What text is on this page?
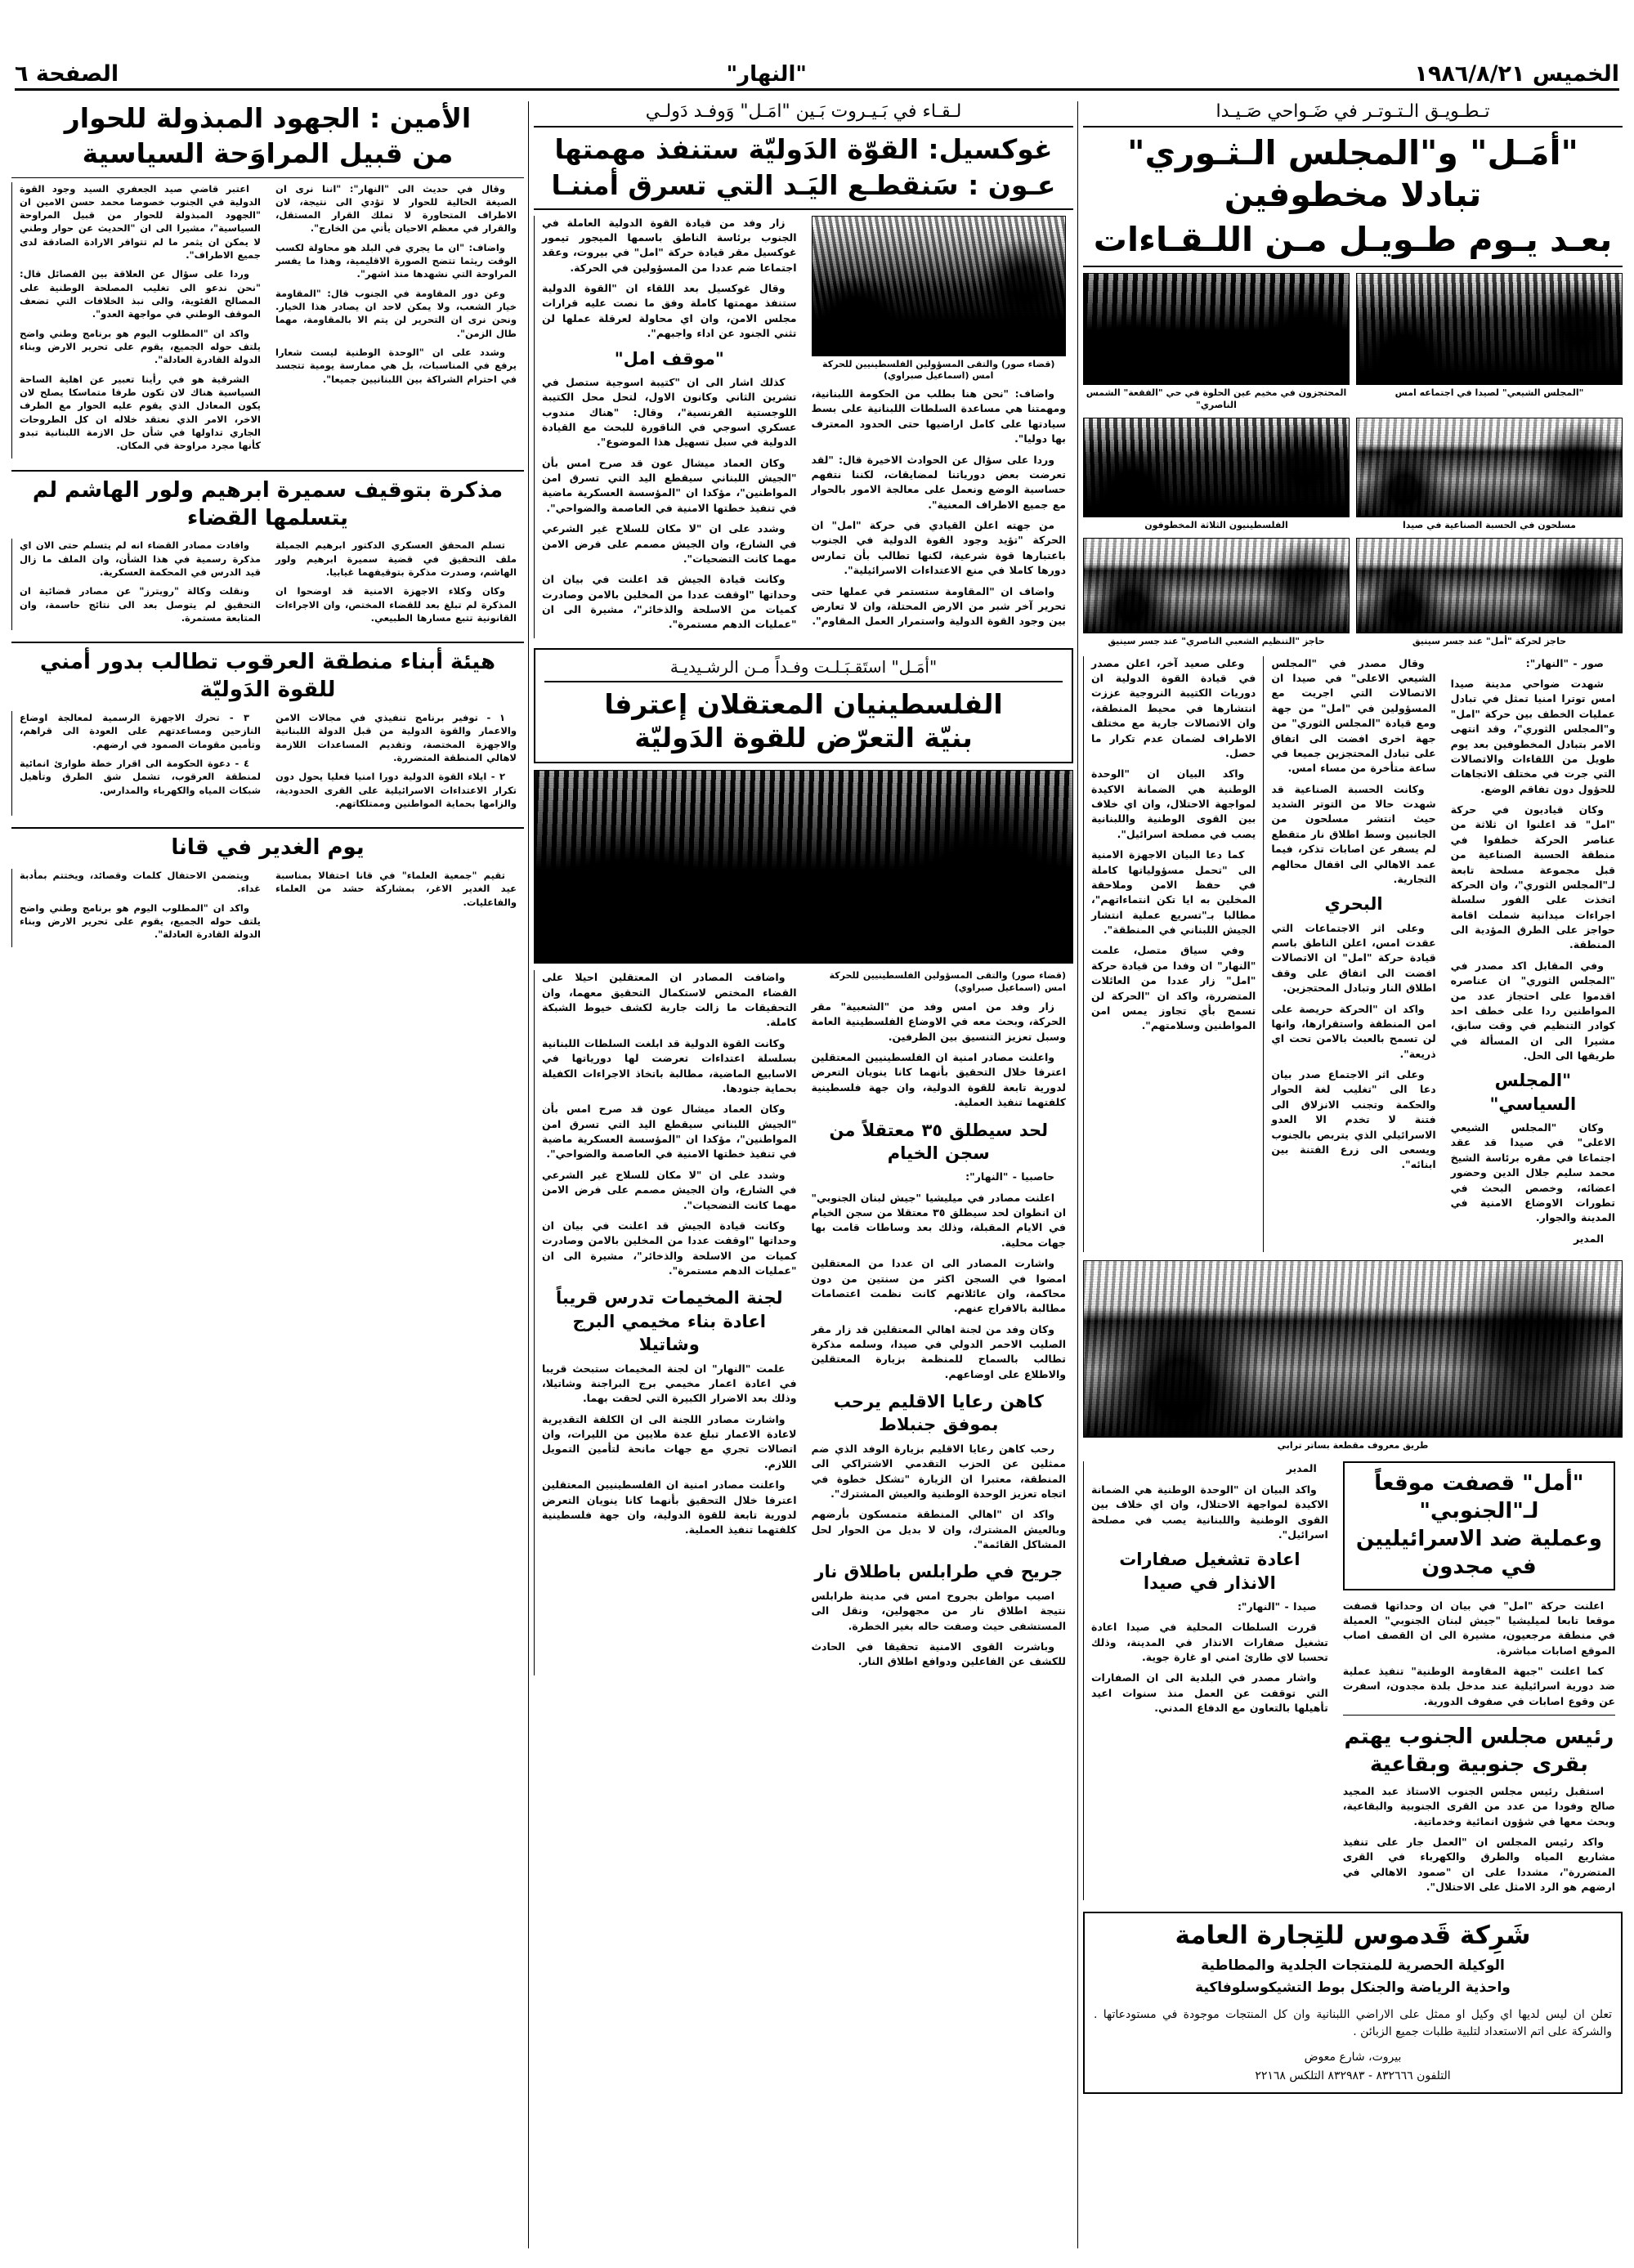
الخميس ١٩٨٦/٨/٢١
"النهار"
الصفحة ٦
تـطـويـق الـتـوتـر في ضَـواحي صَـيـدا
"أمَـل" و"المجلس الـثـوري" تبادلا مخطوفين
بعـد يـوم طـويـل مـن اللـقـاءات
"المجلس الشيعي" لصيدا في اجتماعه امس
المحتجزون في مخيم عين الحلوة في حي "الفقعة" الشمس الناصري"
مسلحون في الحسبة الصناعية في صيدا
الفلسطينيون الثلاثة المخطوفون
حاجز لحركة "أمل" عند جسر سينيق
حاجز "التنظيم الشعبي الناصري" عند جسر سينيق

صور - "النهار":

شهدت ضواحي مدينة صيدا امس توترا امنيا تمثل في تبادل عمليات الخطف بين حركة "امل" و"المجلس الثوري"، وقد انتهى الامر بتبادل المخطوفين بعد يوم طويل من اللقاءات والاتصالات التي جرت في مختلف الاتجاهات للحؤول دون تفاقم الوضع.

وكان قياديون في حركة "امل" قد اعلنوا ان ثلاثة من عناصر الحركة خطفوا في منطقة الحسبة الصناعية من قبل مجموعة مسلحة تابعة لـ"المجلس الثوري"، وان الحركة اتخذت على الفور سلسلة اجراءات ميدانية شملت اقامة حواجز على الطرق المؤدية الى المنطقة.

وفي المقابل اكد مصدر في "المجلس الثوري" ان عناصره اقدموا على احتجاز عدد من المواطنين ردا على خطف احد كوادر التنظيم في وقت سابق، مشيرا الى ان المسألة في طريقها الى الحل.

"المجلس السياسي"

وكان "المجلس الشيعي الاعلى" في صيدا قد عقد اجتماعا في مقره برئاسة الشيخ محمد سليم جلال الدين وحضور اعضائه، وخصص البحث في تطورات الاوضاع الامنية في المدينة والجوار.

المدير

وقال مصدر في "المجلس الشيعي الاعلى" في صيدا ان الاتصالات التي اجريت مع المسؤولين في "امل" من جهة ومع قيادة "المجلس الثوري" من جهة اخرى افضت الى اتفاق على تبادل المحتجزين جميعا في ساعة متأخرة من مساء امس.

وكانت الحسبة الصناعية قد شهدت حالا من التوتر الشديد حيث انتشر مسلحون من الجانبين وسط اطلاق نار متقطع لم يسفر عن اصابات تذكر، فيما عمد الاهالي الى اقفال محالهم التجارية.

البحري

وعلى اثر الاجتماعات التي عقدت امس، اعلن الناطق باسم قيادة حركة "امل" ان الاتصالات افضت الى اتفاق على وقف اطلاق النار وتبادل المحتجزين.

واكد ان "الحركة حريصة على امن المنطقة واستقرارها، وانها لن تسمح بالعبث بالامن تحت اي ذريعة".

وعلى اثر الاجتماع صدر بيان دعا الى "تغليب لغة الحوار والحكمة وتجنب الانزلاق الى فتنة لا تخدم الا العدو الاسرائيلي الذي يتربص بالجنوب ويسعى الى زرع الفتنة بين ابنائه".

وعلى صعيد آخر، اعلن مصدر في قيادة القوة الدولية ان دوريات الكتيبة النروجية عززت انتشارها في محيط المنطقة، وان الاتصالات جارية مع مختلف الاطراف لضمان عدم تكرار ما حصل.

واكد البيان ان "الوحدة الوطنية هي الضمانة الاكيدة لمواجهة الاحتلال، وان اي خلاف بين القوى الوطنية واللبنانية يصب في مصلحة اسرائيل".

كما دعا البيان الاجهزة الامنية الى "تحمل مسؤولياتها كاملة في حفظ الامن وملاحقة المخلين به ايا تكن انتماءاتهم"، مطالبا بـ"تسريع عملية انتشار الجيش اللبناني في المنطقة".

وفي سياق متصل، علمت "النهار" ان وفدا من قيادة حركة "امل" زار عددا من العائلات المتضررة، واكد ان "الحركة لن تسمح بأي تجاوز يمس امن المواطنين وسلامتهم".

طريق معروف مقطعة بساتر ترابي
"أمل" قصفت موقعاً لـ"الجنوبي"
وعملية ضد الاسرائيليين في مجدون

اعلنت حركة "امل" في بيان ان وحداتها قصفت موقعا تابعا لميليشيا "جيش لبنان الجنوبي" العميلة في منطقة مرجعيون، مشيرة الى ان القصف اصاب الموقع اصابات مباشرة.

كما اعلنت "جبهة المقاومة الوطنية" تنفيذ عملية ضد دورية اسرائيلية عند مدخل بلدة مجدون، اسفرت عن وقوع اصابات في صفوف الدورية.

رئيس مجلس الجنوب يهتم بقرى جنوبية وبقاعية

استقبل رئيس مجلس الجنوب الاستاذ عبد المجيد صالح وفودا من عدد من القرى الجنوبية والبقاعية، وبحث معها في شؤون انمائية وخدماتية.

واكد رئيس المجلس ان "العمل جار على تنفيذ مشاريع المياه والطرق والكهرباء في القرى المتضررة"، مشددا على ان "صمود الاهالي في ارضهم هو الرد الامثل على الاحتلال".

المدير

واكد البيان ان "الوحدة الوطنية هي الضمانة الاكيدة لمواجهة الاحتلال، وان اي خلاف بين القوى الوطنية واللبنانية يصب في مصلحة اسرائيل".

اعادة تشغيل صفارات الانذار في صيدا

صيدا - "النهار":

قررت السلطات المحلية في صيدا اعادة تشغيل صفارات الانذار في المدينة، وذلك تحسبا لاي طارئ امني او غارة جوية.

واشار مصدر في البلدية الى ان الصفارات التي توقفت عن العمل منذ سنوات اعيد تأهيلها بالتعاون مع الدفاع المدني.

شَرِكة قَدموس للتِجارة العامة
الوكيلة الحصرية للمنتجات الجلدية والمطاطية
واحذية الرياضة والجنكل بوط التشيكوسلوفاكية
تعلن ان ليس لديها اي وكيل او ممثل على الاراضي اللبنانية وان كل المنتجات موجودة في مستودعاتها . والشركة على اتم الاستعداد لتلبية طلبات جميع الزبائن .
بيروت، شارع معوض
التلفون ٨٣٢٦٦٦ - ٨٣٢٩٨٣ التلكس ٢٢١٦٨
لـقـاء في بَـيـروت بَـين "امَـل" وَوفـد دَولـي
غوكسيل: القوّة الدَوليّة ستنفذ مهمتها
عـون : سَنقطـع اليَـد التي تسرق أمننـا
(قضاء صور) والتقى المسؤولين الفلسطينيين للحركة امس (اسماعيل صبراوي)

واضاف: "نحن هنا بطلب من الحكومة اللبنانية، ومهمتنا هي مساعدة السلطات اللبنانية على بسط سيادتها على كامل اراضيها حتى الحدود المعترف بها دوليا".

وردا على سؤال عن الحوادث الاخيرة قال: "لقد تعرضت بعض دورياتنا لمضايقات، لكننا نتفهم حساسية الوضع ونعمل على معالجة الامور بالحوار مع جميع الاطراف المعنية".

من جهته اعلن القيادي في حركة "امل" ان الحركة "تؤيد وجود القوة الدولية في الجنوب باعتبارها قوة شرعية، لكنها تطالب بأن تمارس دورها كاملا في منع الاعتداءات الاسرائيلية".

واضاف ان "المقاومة ستستمر في عملها حتى تحرير آخر شبر من الارض المحتلة، وان لا تعارض بين وجود القوة الدولية واستمرار العمل المقاوم".

زار وفد من قيادة القوة الدولية العاملة في الجنوب برئاسة الناطق باسمها الميجور تيمور غوكسيل مقر قيادة حركة "امل" في بيروت، وعقد اجتماعا ضم عددا من المسؤولين في الحركة.

وقال غوكسيل بعد اللقاء ان "القوة الدولية ستنفذ مهمتها كاملة وفق ما نصت عليه قرارات مجلس الامن، وان اي محاولة لعرقلة عملها لن تثني الجنود عن اداء واجبهم".

"موقف امل"

كذلك اشار الى ان "كتيبة اسوجية ستصل في تشرين الثاني وكانون الاول، لتحل محل الكتيبة اللوجستية الفرنسية"، وقال: "هناك مندوب عسكري اسوجي في الناقورة للبحث مع القيادة الدولية في سبل تسهيل هذا الموضوع".

وكان العماد ميشال عون قد صرح امس بأن "الجيش اللبناني سيقطع اليد التي تسرق امن المواطنين"، مؤكدا ان "المؤسسة العسكرية ماضية في تنفيذ خطتها الامنية في العاصمة والضواحي".

وشدد على ان "لا مكان للسلاح غير الشرعي في الشارع، وان الجيش مصمم على فرض الامن مهما كانت التضحيات".

وكانت قيادة الجيش قد اعلنت في بيان ان وحداتها "اوقفت عددا من المخلين بالامن وصادرت كميات من الاسلحة والذخائر"، مشيرة الى ان "عمليات الدهم مستمرة".

"أمَـل" استَقـبَـلـت وفـداً مـن الرشـيديـة
الفلسطينيان المعتقلان إعترفا
بنيّة التعرّض للقوة الدَوليّة

(قضاء صور) والتقى المسؤولين الفلسطينيين للحركة امس (اسماعيل صبراوي)

زار وفد من امس وفد من "الشعبية" مقر الحركة، وبحث معه في الاوضاع الفلسطينية العامة وسبل تعزيز التنسيق بين الطرفين.

واعلنت مصادر امنية ان الفلسطينيين المعتقلين اعترفا خلال التحقيق بأنهما كانا ينويان التعرض لدورية تابعة للقوة الدولية، وان جهة فلسطينية كلفتهما تنفيذ العملية.

لحد سيطلق ٣٥ معتقلاً من سجن الخيام

حاصبيا - "النهار":

اعلنت مصادر في ميليشيا "جيش لبنان الجنوبي" ان انطوان لحد سيطلق ٣٥ معتقلا من سجن الخيام في الايام المقبلة، وذلك بعد وساطات قامت بها جهات محلية.

واشارت المصادر الى ان عددا من المعتقلين امضوا في السجن اكثر من سنتين من دون محاكمة، وان عائلاتهم كانت نظمت اعتصامات مطالبة بالافراج عنهم.

وكان وفد من لجنة اهالي المعتقلين قد زار مقر الصليب الاحمر الدولي في صيدا، وسلمه مذكرة تطالب بالسماح للمنظمة بزيارة المعتقلين والاطلاع على اوضاعهم.

كاهن رعايا الاقليم يرحب بموفق جنبلاط

رحب كاهن رعايا الاقليم بزيارة الوفد الذي ضم ممثلين عن الحزب التقدمي الاشتراكي الى المنطقة، معتبرا ان الزيارة "تشكل خطوة في اتجاه تعزيز الوحدة الوطنية والعيش المشترك".

واكد ان "اهالي المنطقة متمسكون بأرضهم وبالعيش المشترك، وان لا بديل من الحوار لحل المشاكل القائمة".

جريح في طرابلس باطلاق نار

اصيب مواطن بجروح امس في مدينة طرابلس نتيجة اطلاق نار من مجهولين، ونقل الى المستشفى حيث وصفت حاله بغير الخطرة.

وباشرت القوى الامنية تحقيقا في الحادث للكشف عن الفاعلين ودوافع اطلاق النار.

واضافت المصادر ان المعتقلين احيلا على القضاء المختص لاستكمال التحقيق معهما، وان التحقيقات ما زالت جارية لكشف خيوط الشبكة كاملة.

وكانت القوة الدولية قد ابلغت السلطات اللبنانية بسلسلة اعتداءات تعرضت لها دورياتها في الاسابيع الماضية، مطالبة باتخاذ الاجراءات الكفيلة بحماية جنودها.

وكان العماد ميشال عون قد صرح امس بأن "الجيش اللبناني سيقطع اليد التي تسرق امن المواطنين"، مؤكدا ان "المؤسسة العسكرية ماضية في تنفيذ خطتها الامنية في العاصمة والضواحي".

وشدد على ان "لا مكان للسلاح غير الشرعي في الشارع، وان الجيش مصمم على فرض الامن مهما كانت التضحيات".

وكانت قيادة الجيش قد اعلنت في بيان ان وحداتها "اوقفت عددا من المخلين بالامن وصادرت كميات من الاسلحة والذخائر"، مشيرة الى ان "عمليات الدهم مستمرة".

لجنة المخيمات تدرس قريباً اعادة بناء مخيمي البرج وشاتيلا

علمت "النهار" ان لجنة المخيمات ستبحث قريبا في اعادة اعمار مخيمي برج البراجنة وشاتيلا، وذلك بعد الاضرار الكبيرة التي لحقت بهما.

واشارت مصادر اللجنة الى ان الكلفة التقديرية لاعادة الاعمار تبلغ عدة ملايين من الليرات، وان اتصالات تجري مع جهات مانحة لتأمين التمويل اللازم.

واعلنت مصادر امنية ان الفلسطينيين المعتقلين اعترفا خلال التحقيق بأنهما كانا ينويان التعرض لدورية تابعة للقوة الدولية، وان جهة فلسطينية كلفتهما تنفيذ العملية.

الأمين : الجهود المبذولة للحوار
من قبيل المراوَحة السياسية

وقال في حديث الى "النهار": "اننا نرى ان الصيغة الحالية للحوار لا تؤدي الى نتيجة، لان الاطراف المتحاورة لا تملك القرار المستقل، والقرار في معظم الاحيان يأتي من الخارج".

واضاف: "ان ما يجري في البلد هو محاولة لكسب الوقت ريثما تتضح الصورة الاقليمية، وهذا ما يفسر المراوحة التي نشهدها منذ اشهر".

وعن دور المقاومة في الجنوب قال: "المقاومة خيار الشعب، ولا يمكن لاحد ان يصادر هذا الخيار. ونحن نرى ان التحرير لن يتم الا بالمقاومة، مهما طال الزمن".

وشدد على ان "الوحدة الوطنية ليست شعارا يرفع في المناسبات، بل هي ممارسة يومية تتجسد في احترام الشراكة بين اللبنانيين جميعا".

اعتبر قاضي صيد الجعفري السيد وجود القوة الدولية في الجنوب خصوصا محمد حسن الامين ان "الجهود المبذولة للحوار من قبيل المراوحة السياسية"، مشيرا الى ان "الحديث عن حوار وطني لا يمكن ان يثمر ما لم تتوافر الارادة الصادقة لدى جميع الاطراف".

وردا على سؤال عن العلاقة بين الفصائل قال: "نحن ندعو الى تغليب المصلحة الوطنية على المصالح الفئوية، والى نبذ الخلافات التي تضعف الموقف الوطني في مواجهة العدو".

واكد ان "المطلوب اليوم هو برنامج وطني واضح يلتف حوله الجميع، يقوم على تحرير الارض وبناء الدولة القادرة العادلة".

الشرقية هو في رأينا تعبير عن اهلية الساحة السياسية هناك لان تكون طرفا متماسكا يصلح لان يكون المعادل الذي يقوم عليه الحوار مع الطرف الاخر، الامر الذي نعتقد خلاله ان كل الطروحات الجاري تداولها في شأن حل الازمة اللبنانية تبدو كأنها مجرد مراوحة في المكان.

مذكرة بتوقيف سميرة ابرهيم ولور الهاشم لم يتسلمها القضاء

تسلم المحقق العسكري الدكتور ابرهيم الجميلة ملف التحقيق في قضية سميرة ابرهيم ولور الهاشم، وصدرت مذكرة بتوقيفهما غيابيا.

وكان وكلاء الاجهزة الامنية قد اوضحوا ان المذكرة لم تبلغ بعد للقضاء المختص، وان الاجراءات القانونية تتبع مسارها الطبيعي.

وافادت مصادر القضاء انه لم يتسلم حتى الان اي مذكرة رسمية في هذا الشأن، وان الملف ما زال قيد الدرس في المحكمة العسكرية.

ونقلت وكالة "رويترز" عن مصادر قضائية ان التحقيق لم يتوصل بعد الى نتائج حاسمة، وان المتابعة مستمرة.

هيئة أبناء منطقة العرقوب تطالب بدور أمني للقوة الدَوليّة

١ - توفير برنامج تنفيذي في مجالات الامن والاعمار والقوة الدولية من قبل الدولة اللبنانية والاجهزة المختصة، وتقديم المساعدات اللازمة لاهالي المنطقة المتضررة.

٢ - ايلاء القوة الدولية دورا امنيا فعليا يحول دون تكرار الاعتداءات الاسرائيلية على القرى الحدودية، والزامها بحماية المواطنين وممتلكاتهم.

٣ - تحرك الاجهزة الرسمية لمعالجة اوضاع النازحين ومساعدتهم على العودة الى قراهم، وتأمين مقومات الصمود في ارضهم.

٤ - دعوة الحكومة الى اقرار خطة طوارئ انمائية لمنطقة العرقوب، تشمل شق الطرق وتأهيل شبكات المياه والكهرباء والمدارس.

يوم الغدير في قانا

تقيم "جمعية العلماء" في قانا احتفالا بمناسبة عيد الغدير الاغر، بمشاركة حشد من العلماء والفاعليات.

ويتضمن الاحتفال كلمات وقصائد، ويختتم بمأدبة غداء.

واكد ان "المطلوب اليوم هو برنامج وطني واضح يلتف حوله الجميع، يقوم على تحرير الارض وبناء الدولة القادرة العادلة".
